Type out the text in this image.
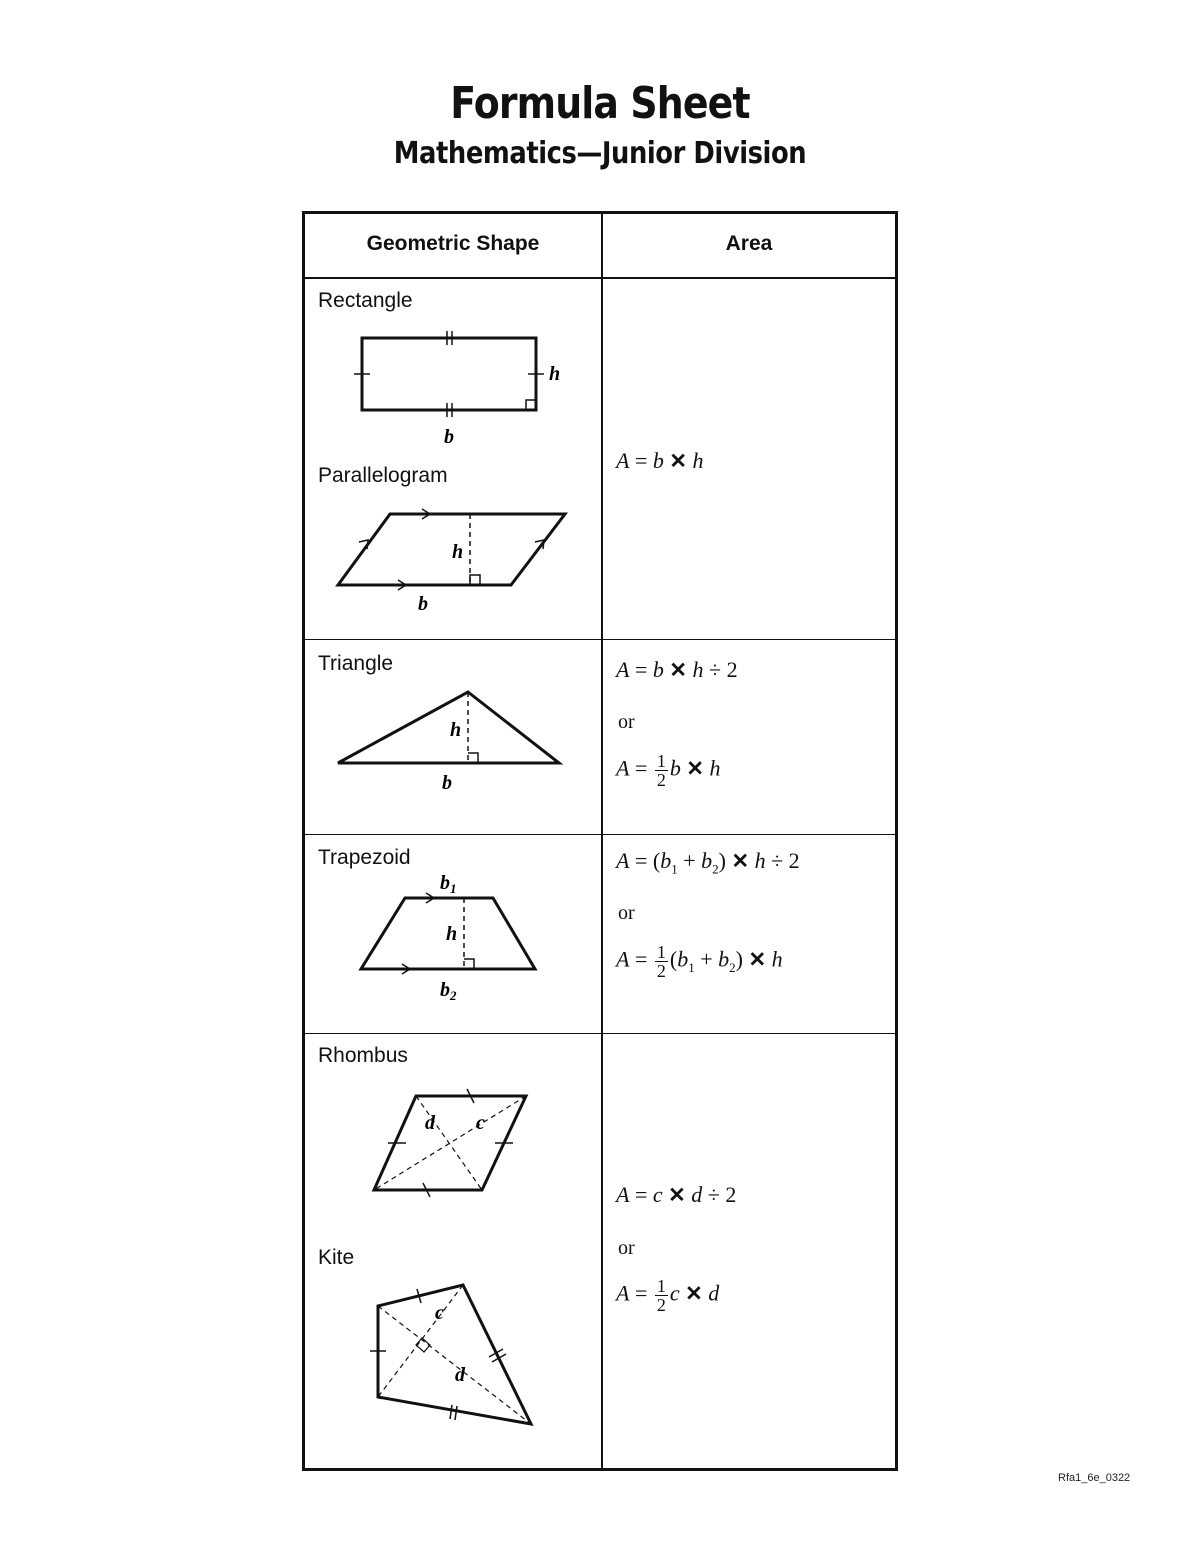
Formula Sheet
Mathematics—Junior Division
Geometric Shape	Area
Rectangle
Parallelogram
Triangle
Trapezoid
Rhombus
Kite
h
b
h
b
h
b
h
$b_1$
$b_2$
d c
c
d
A = b ✕ h
A = b ✕ h ÷ 2
or
$A = \frac{1}{2}$ b ✕ h
$A = (b_1 + b_2)$ ✕ h ÷ 2
or
$A = \frac{1}{2} (b_1 + b_2)$ ✕ h
A = c ✕ d ÷ 2
or
$A = \frac{1}{2}$ c ✕ d
Rfa1_6e_0322
